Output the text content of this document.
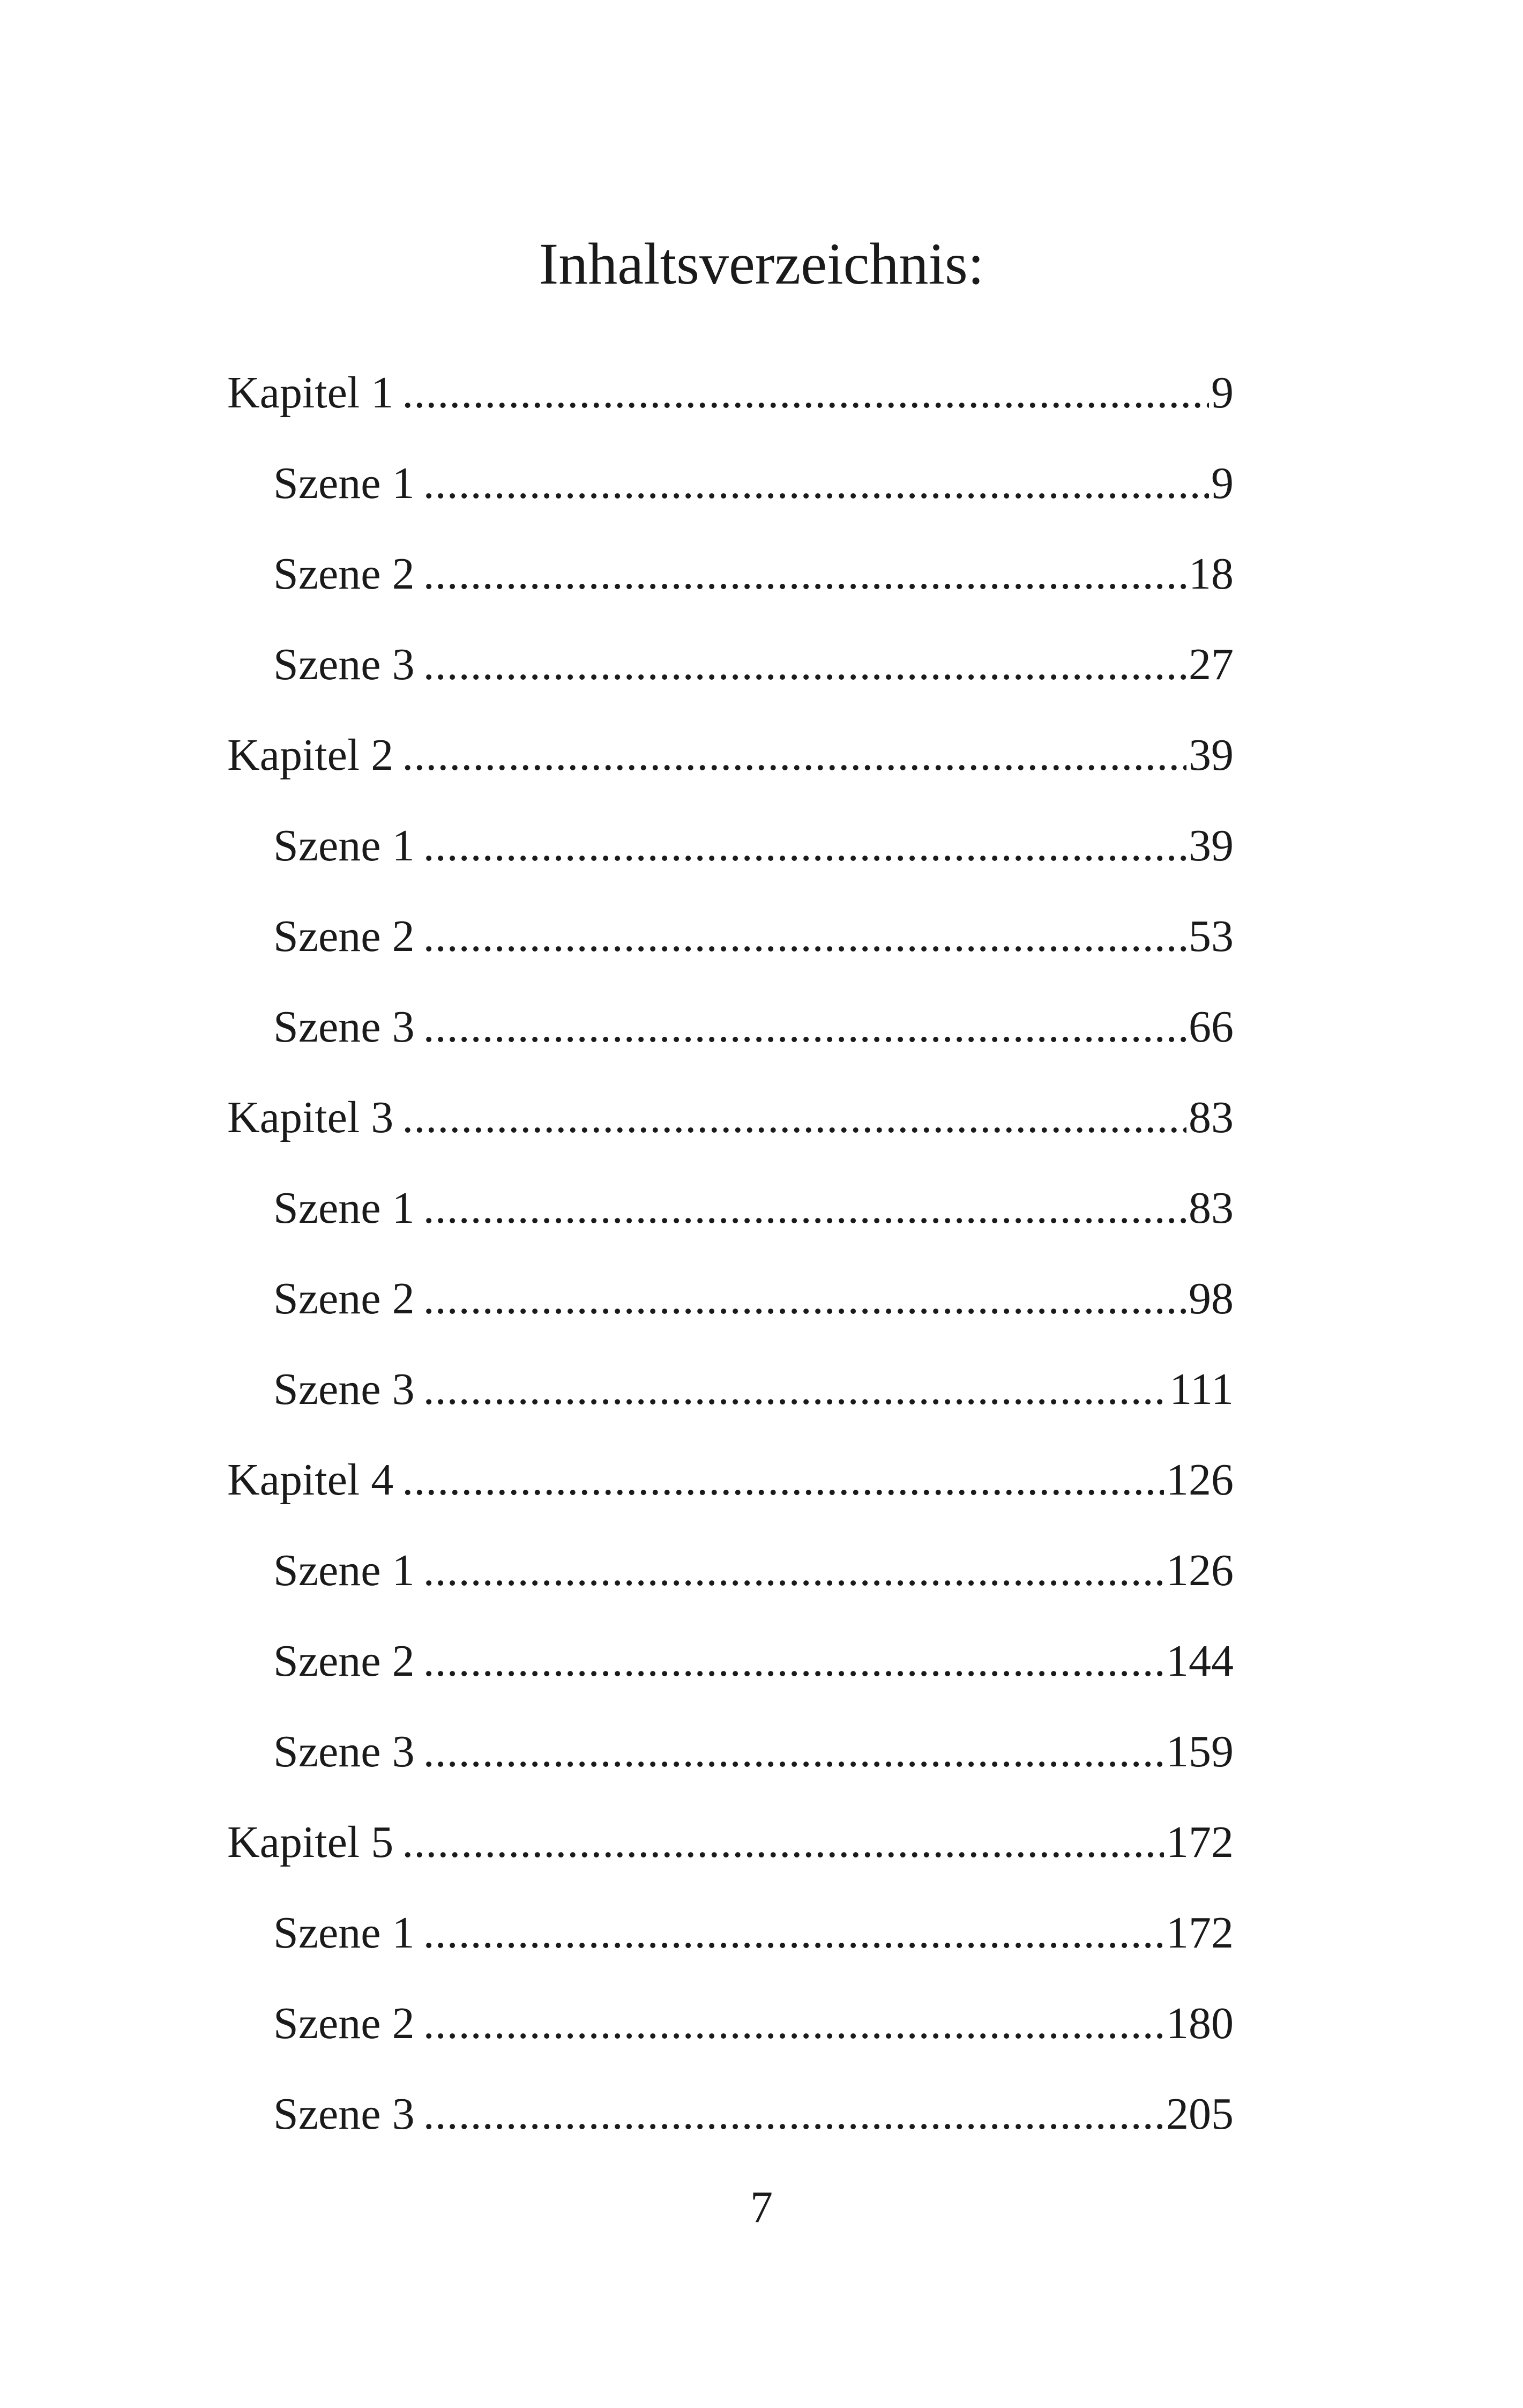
Inhaltsverzeichnis:
Kapitel 1 .....	9
Szene 1 .....	9
Szene 2 .....	18
Szene 3 .....	27
Kapitel 2 .....	39
Szene 1 .....	39
Szene 2 .....	53
Szene 3 .....	66
Kapitel 3 .....	83
Szene 1 .....	83
Szene 2 .....	98
Szene 3 .....	111
Kapitel 4 .....	126
Szene 1 .....	126
Szene 2 .....	144
Szene 3 .....	159
Kapitel 5 .....	172
Szene 1 .....	172
Szene 2 .....	180
Szene 3 .....	205
7
